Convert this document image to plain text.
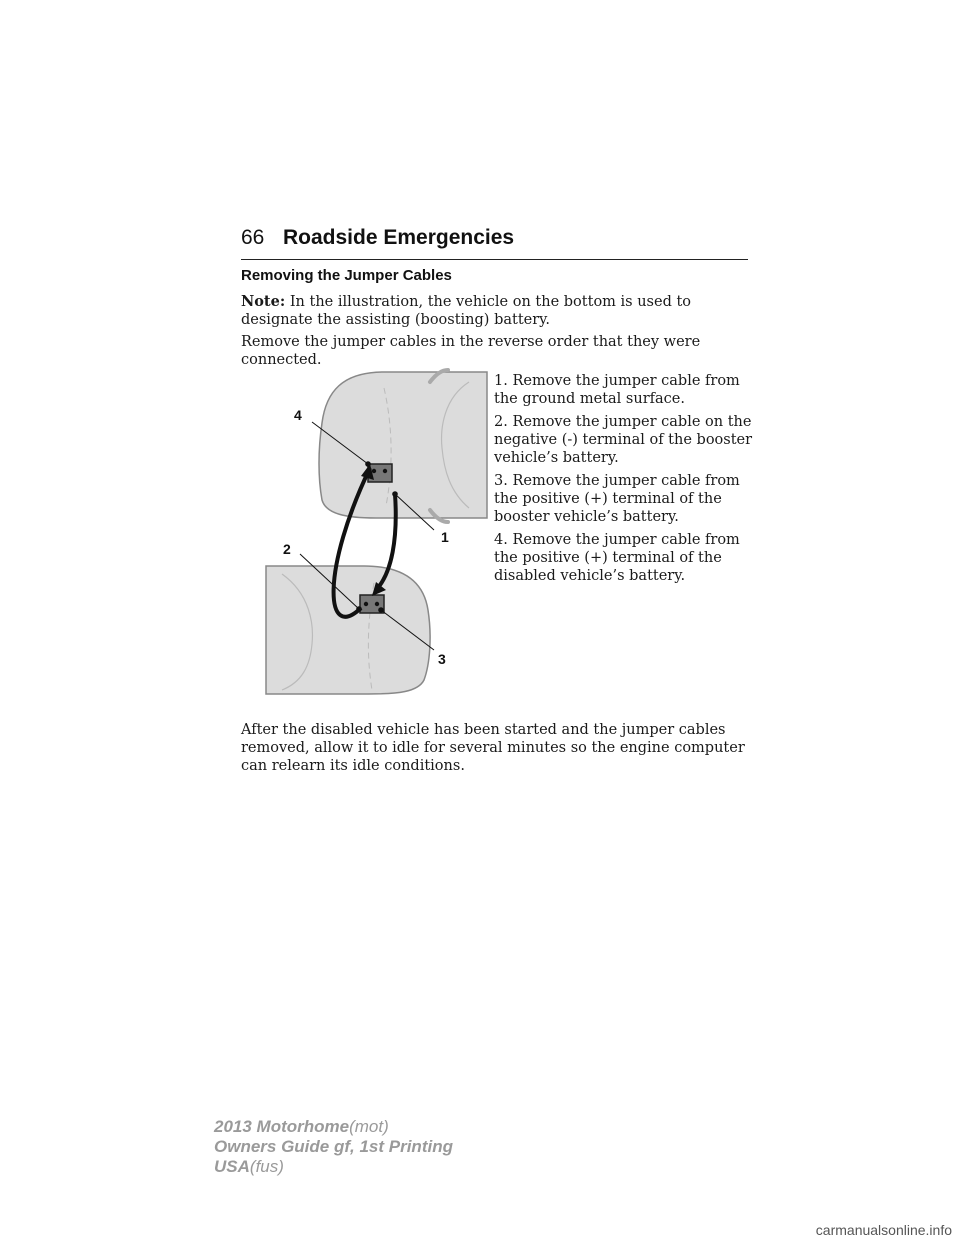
66 Roadside Emergencies
Removing the Jumper Cables

Note: In the illustration, the vehicle on the bottom is used to designate the assisting (boosting) battery.

Remove the jumper cables in the reverse order that they were connected.

1. Remove the jumper cable from the ground metal surface.
2. Remove the jumper cable on the negative (-) terminal of the booster vehicle’s battery.
3. Remove the jumper cable from the positive (+) terminal of the booster vehicle’s battery.
4. Remove the jumper cable from the positive (+) terminal of the disabled vehicle’s battery.
4
1
2
3

After the disabled vehicle has been started and the jumper cables removed, allow it to idle for several minutes so the engine computer can relearn its idle conditions.

2013 Motorhome(mot)
Owners Guide gf, 1st Printing
USA(fus)
carmanualsonline.info
